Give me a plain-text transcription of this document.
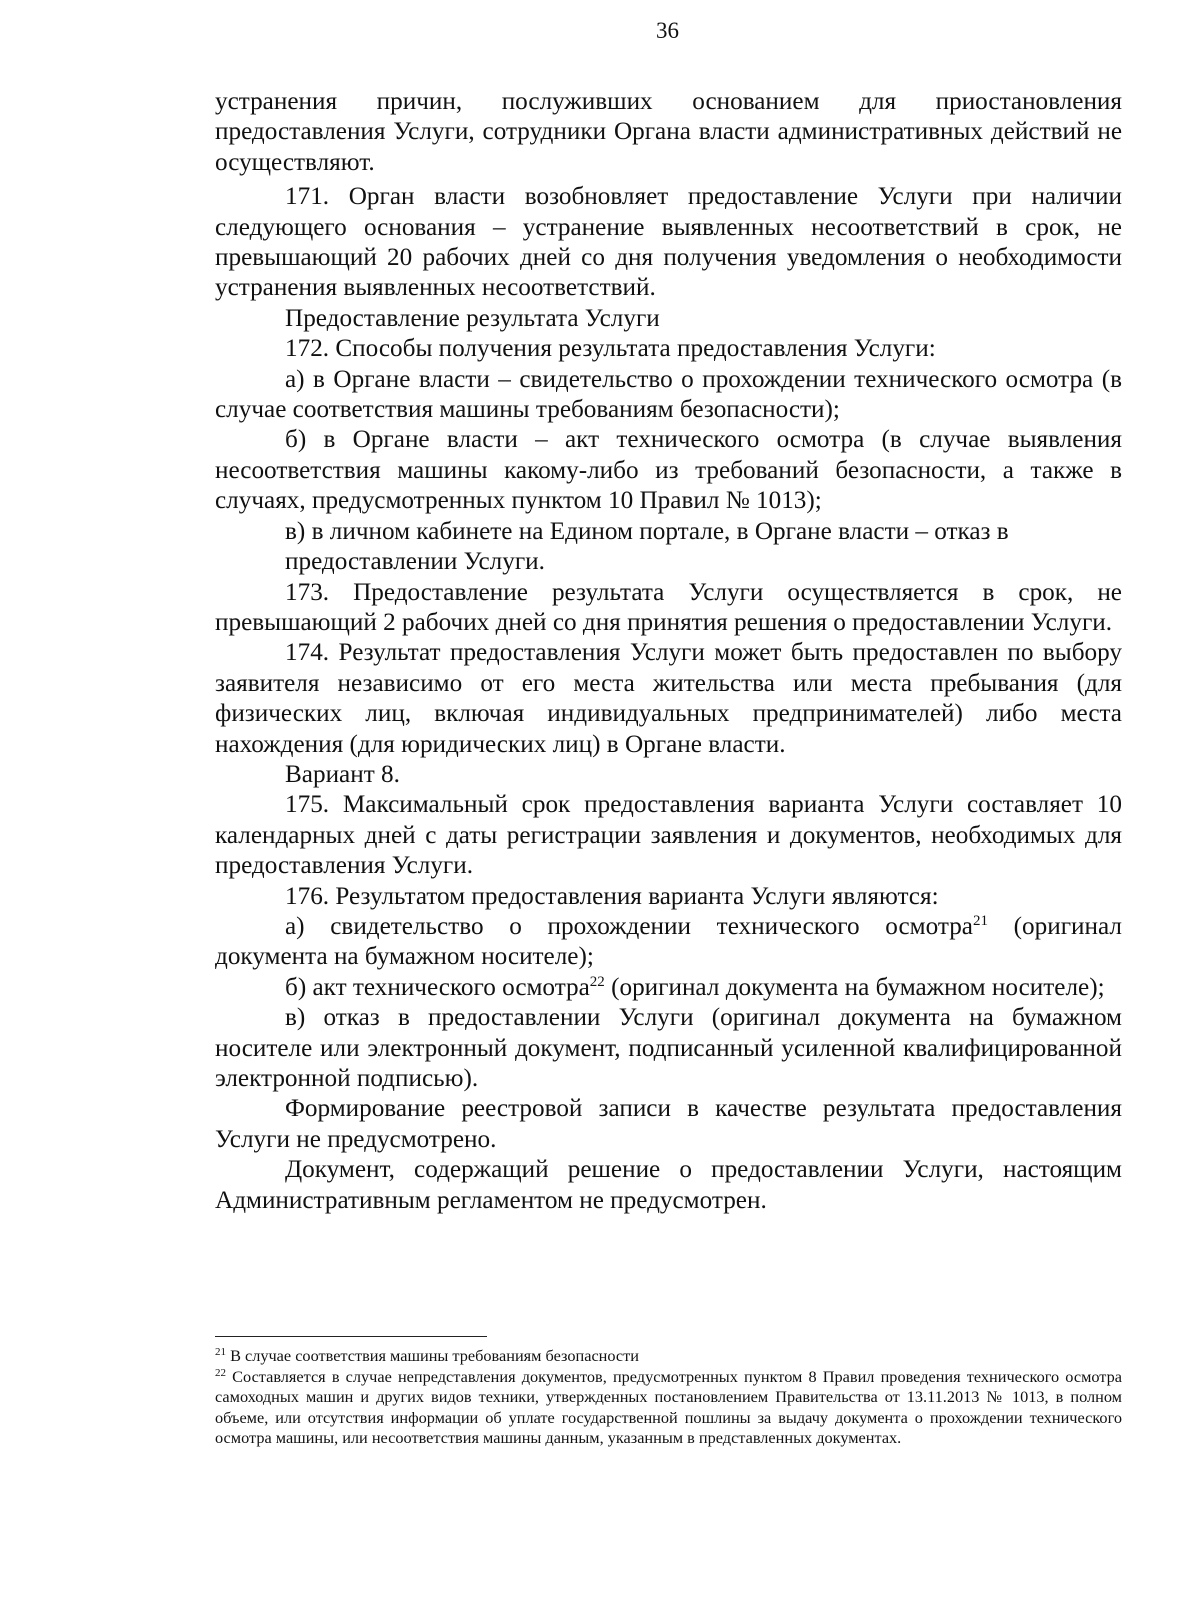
36

устранения причин, послуживших основанием для приостановления предоставления Услуги, сотрудники Органа власти административных действий не осуществляют.

171. Орган власти возобновляет предоставление Услуги при наличии следующего основания – устранение выявленных несоответствий в срок, не превышающий 20 рабочих дней со дня получения уведомления о необходимости устранения выявленных несоответствий.

Предоставление результата Услуги

172. Способы получения результата предоставления Услуги:

а) в Органе власти – свидетельство о прохождении технического осмотра (в случае соответствия машины требованиям безопасности);

б) в Органе власти – акт технического осмотра (в случае выявления несоответствия машины какому-либо из требований безопасности, а также в случаях, предусмотренных пунктом 10 Правил № 1013);

в) в личном кабинете на Едином портале, в Органе власти – отказ в предоставлении Услуги.

173. Предоставление результата Услуги осуществляется в срок, не превышающий 2 рабочих дней со дня принятия решения о предоставлении Услуги.

174. Результат предоставления Услуги может быть предоставлен по выбору заявителя независимо от его места жительства или места пребывания (для физических лиц, включая индивидуальных предпринимателей) либо места нахождения (для юридических лиц) в Органе власти.

Вариант 8.

175. Максимальный срок предоставления варианта Услуги составляет 10 календарных дней с даты регистрации заявления и документов, необходимых для предоставления Услуги.

176. Результатом предоставления варианта Услуги являются:

а) свидетельство о прохождении технического осмотра$^{21}$ (оригинал документа на бумажном носителе);

б) акт технического осмотра$^{22}$ (оригинал документа на бумажном носителе);

в) отказ в предоставлении Услуги (оригинал документа на бумажном носителе или электронный документ, подписанный усиленной квалифицированной электронной подписью).

Формирование реестровой записи в качестве результата предоставления Услуги не предусмотрено.

Документ, содержащий решение о предоставлении Услуги, настоящим Административным регламентом не предусмотрен.

$^{21}$ В случае соответствия машины требованиям безопасности

$^{22}$ Составляется в случае непредставления документов, предусмотренных пунктом 8 Правил проведения технического осмотра самоходных машин и других видов техники, утвержденных постановлением Правительства от 13.11.2013 № 1013, в полном объеме, или отсутствия информации об уплате государственной пошлины за выдачу документа о прохождении технического осмотра машины, или несоответствия машины данным, указанным в представленных документах.
